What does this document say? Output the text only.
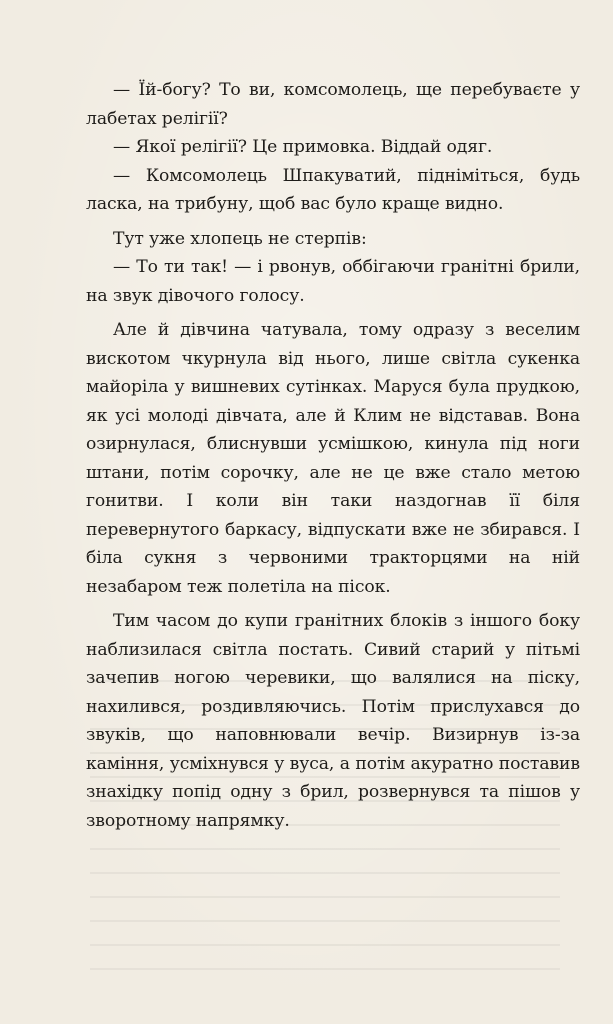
— Їй-богу? То ви, комсомолець, ще перебуваєте у лабетах релігії?

— Якої релігії? Це примовка. Віддай одяг.

— Комсомолець Шпакуватий, підніміться, будь ласка, на трибуну, щоб вас було краще видно.

Тут уже хлопець не стерпів:

— То ти так! — і рвонув, оббігаючи гранітні брили, на звук дівочого голосу.

Але й дівчина чатувала, тому одразу з веселим вискотом чкурнула від нього, лише світла сукенка майоріла у вишневих сутінках. Маруся була прудкою, як усі молоді дівчата, але й Клим не відставав. Вона озирнулася, блиснувши усмішкою, кинула під ноги штани, потім сорочку, але не це вже стало метою гонитви. І коли він таки наздогнав її біля перевернутого баркасу, відпускати вже не збирався. І біла сукня з червоними тракторцями на ній незабаром теж полетіла на пісок.

Тим часом до купи гранітних блоків з іншого боку наблизилася світла постать. Сивий старий у пітьмі зачепив ногою черевики, що валялися на піску, нахилився, роздивляючись. Потім прислухався до звуків, що наповнювали вечір. Визирнув із-за каміння, усміхнувся у вуса, а потім акуратно поставив знахідку попід одну з брил, розвернувся та пішов у зворотному напрямку.
